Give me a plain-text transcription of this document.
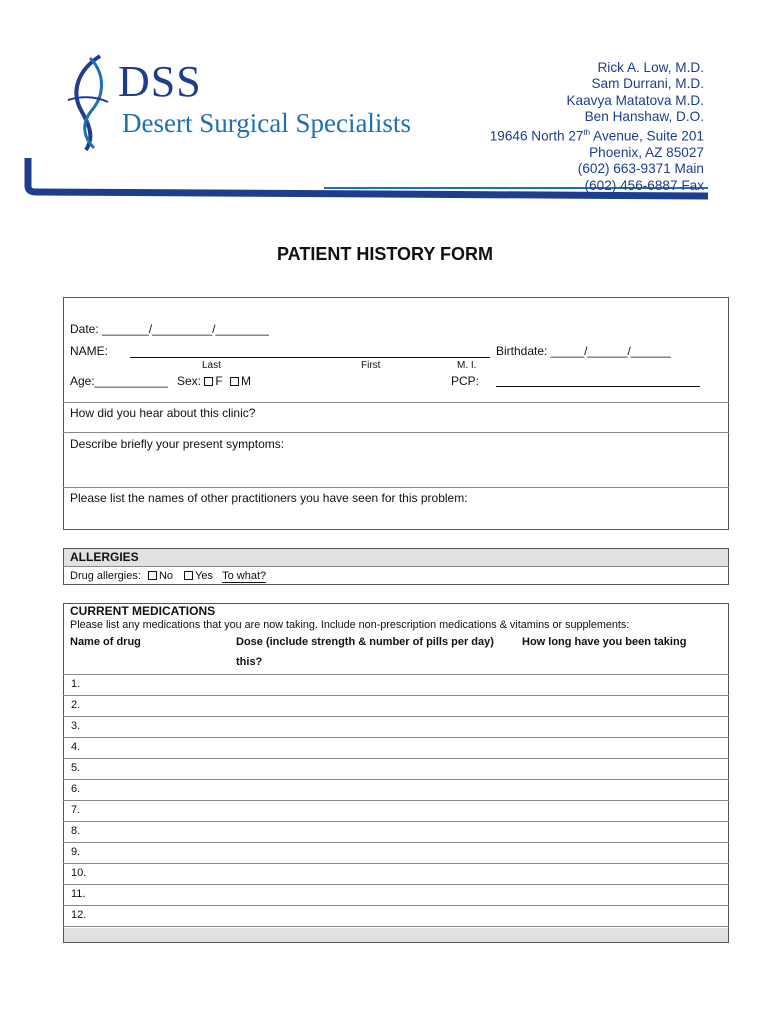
DSS
Desert Surgical Specialists
Rick A. Low, M.D.
Sam Durrani, M.D.
Kaavya Matatova M.D.
Ben Hanshaw, D.O.
19646 North 27th Avenue, Suite 201
Phoenix, AZ 85027
(602) 663-9371 Main
(602) 456-6887 Fax
PATIENT HISTORY FORM
Date: _______/_________/________
NAME:
Last	First	M. I.
Birthdate: _____/______/______
Age:___________ Sex: F M	PCP:
How did you hear about this clinic?
Describe briefly your present symptoms:
Please list the names of other practitioners you have seen for this problem:
ALLERGIES
Drug allergies: No Yes To what?
CURRENT MEDICATIONS
Please list any medications that you are now taking. Include non-prescription medications & vitamins or supplements:
Name of drug	Dose (include strength & number of pills per day)	How long have you been taking
this?
1.
2.
3.
4.
5.
6.
7.
8.
9.
10.
11.
12.
